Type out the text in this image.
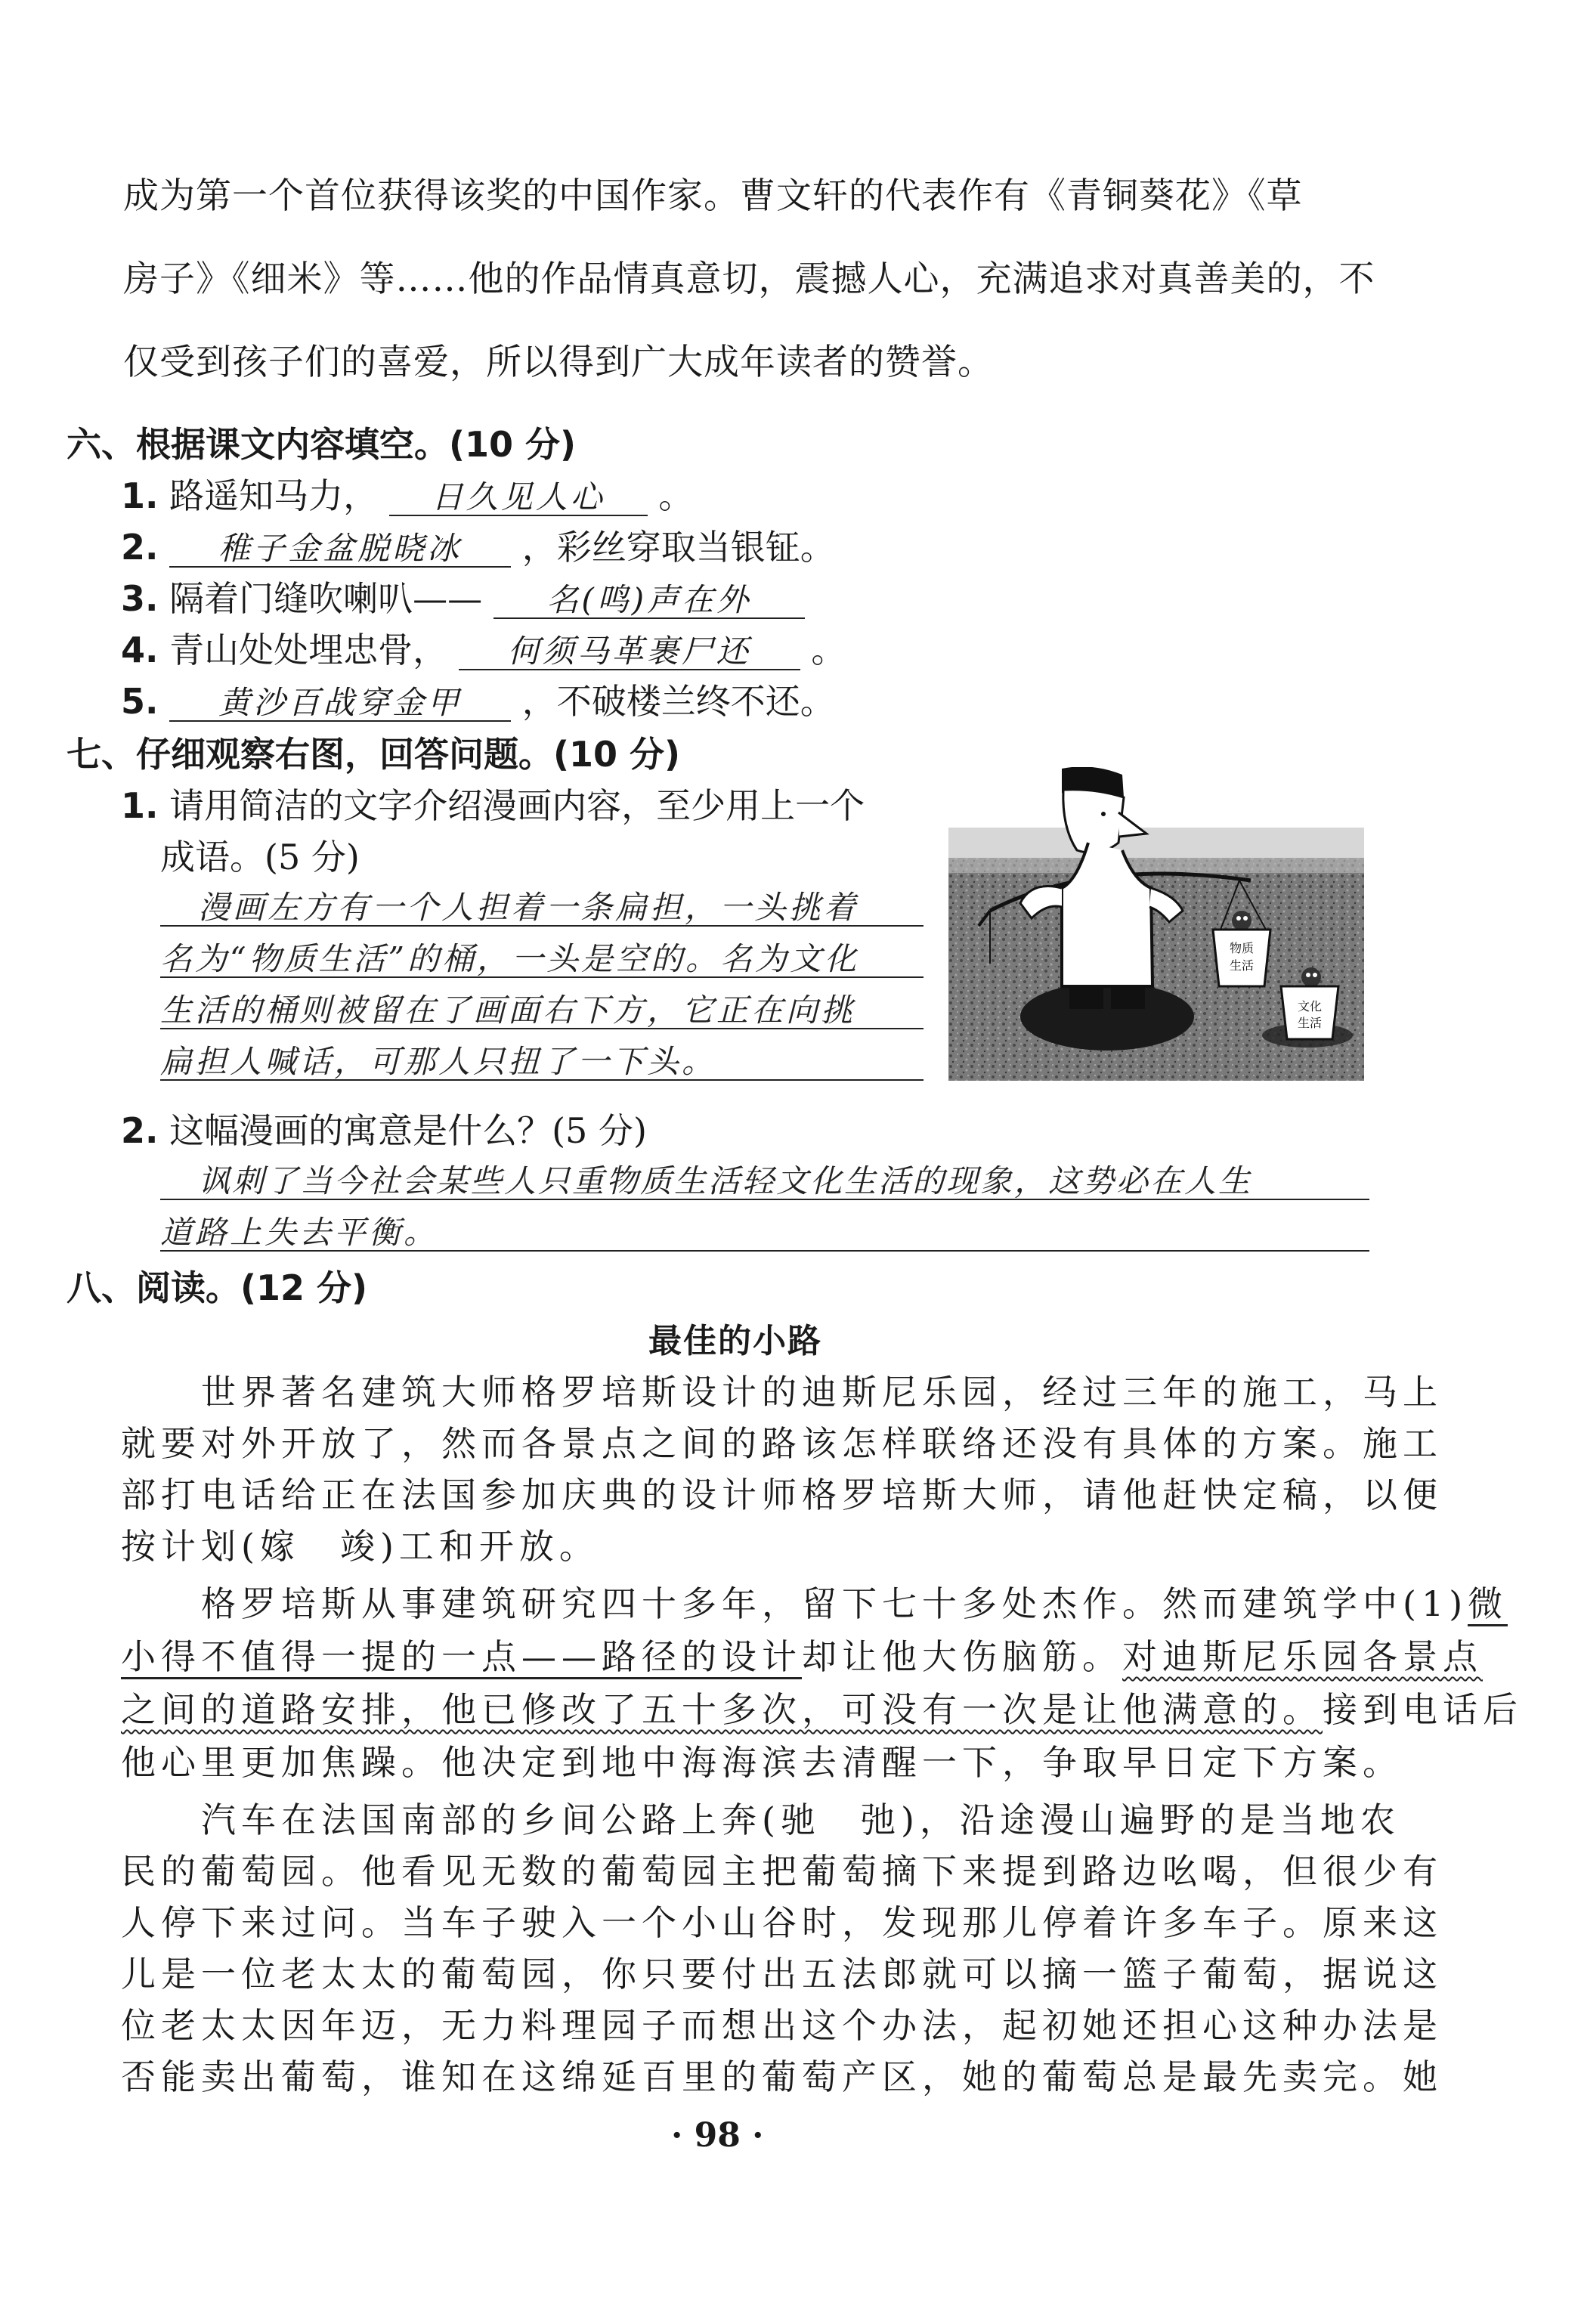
成为第一个首位获得该奖的中国作家。曹文轩的代表作有《青铜葵花》《草
房子》《细米》等……他的作品情真意切，震撼人心，充满追求对真善美的，不
仅受到孩子们的喜爱，所以得到广大成年读者的赞誉。
六、根据课文内容填空。(10 分)
1. 路遥知马力， 日久见人心 。
2. 稚子金盆脱晓冰 ，彩丝穿取当银钲。
3. 隔着门缝吹喇叭—— 名(鸣)声在外
4. 青山处处埋忠骨， 何须马革裹尸还 。
5. 黄沙百战穿金甲 ，不破楼兰终不还。
七、仔细观察右图，回答问题。(10 分)
1. 请用简洁的文字介绍漫画内容，至少用上一个
成语。(5 分)
漫画左方有一个人担着一条扁担，一头挑着
名为“物质生活”的桶，一头是空的。名为文化
生活的桶则被留在了画面右下方，它正在向挑
扁担人喊话，可那人只扭了一下头。
物质
生活
文化
生活
2. 这幅漫画的寓意是什么？(5 分)
讽刺了当今社会某些人只重物质生活轻文化生活的现象，这势必在人生
道路上失去平衡。
八、阅读。(12 分)
最佳的小路
　　世界著名建筑大师格罗培斯设计的迪斯尼乐园，经过三年的施工，马上
就要对外开放了，然而各景点之间的路该怎样联络还没有具体的方案。施工
部打电话给正在法国参加庆典的设计师格罗培斯大师，请他赶快定稿，以便
按计划(嫁　竣)工和开放。
　　格罗培斯从事建筑研究四十多年，留下七十多处杰作。然而建筑学中(1)微
小得不值得一提的一点——路径的设计却让他大伤脑筋。对迪斯尼乐园各景点
之间的道路安排，他已修改了五十多次，可没有一次是让他满意的。接到电话后
他心里更加焦躁。他决定到地中海海滨去清醒一下，争取早日定下方案。
　　汽车在法国南部的乡间公路上奔(驰　弛)，沿途漫山遍野的是当地农
民的葡萄园。他看见无数的葡萄园主把葡萄摘下来提到路边吆喝，但很少有
人停下来过问。当车子驶入一个小山谷时，发现那儿停着许多车子。原来这
儿是一位老太太的葡萄园，你只要付出五法郎就可以摘一篮子葡萄，据说这
位老太太因年迈，无力料理园子而想出这个办法，起初她还担心这种办法是
否能卖出葡萄，谁知在这绵延百里的葡萄产区，她的葡萄总是最先卖完。她
· 98 ·
